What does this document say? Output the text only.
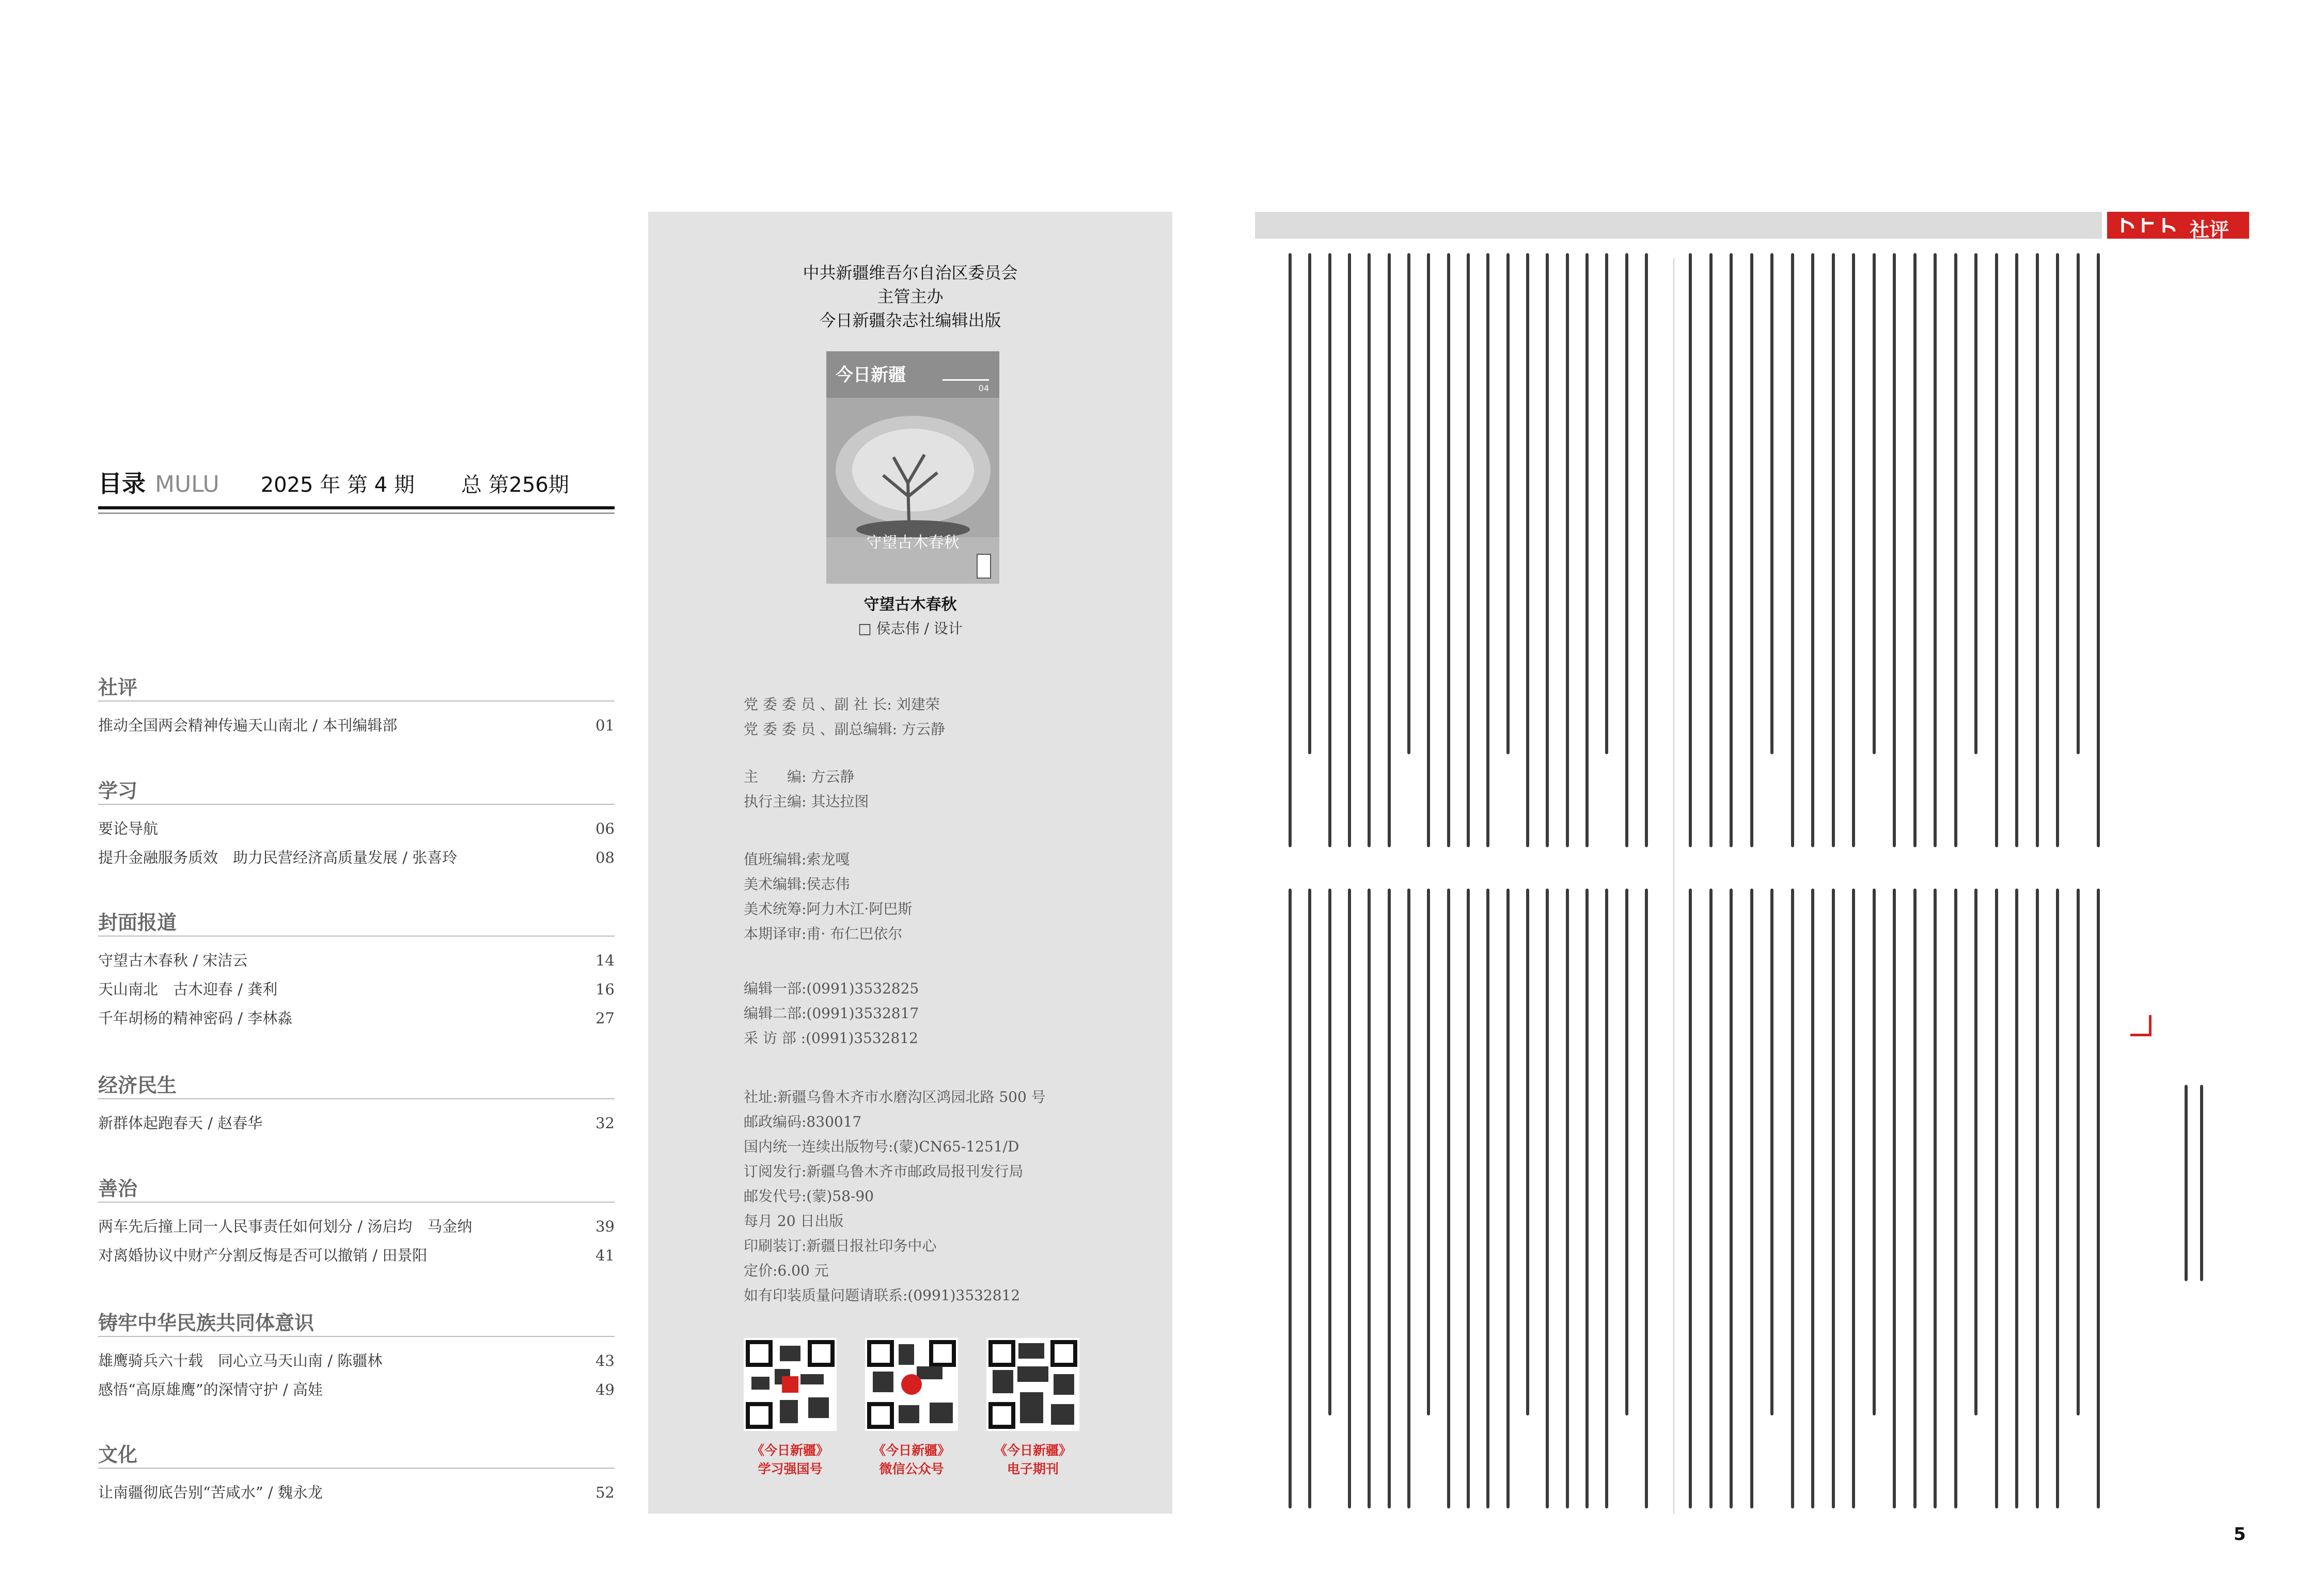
目录 MULU 2025 年 第 4 期 总 第256期
社评
推动全国两会精神传遍天山南北 / 本刊编辑部	01
学习
要论导航	06
提升金融服务质效　助力民营经济高质量发展 / 张喜玲	08
封面报道
守望古木春秋 / 宋洁云	14
天山南北　古木迎春 / 龚利	16
千年胡杨的精神密码 / 李林淼	27
经济民生
新群体起跑春天 / 赵春华	32
善治
两车先后撞上同一人民事责任如何划分 / 汤启均　马金纳	39
对离婚协议中财产分割反悔是否可以撤销 / 田景阳	41
铸牢中华民族共同体意识
雄鹰骑兵六十载　同心立马天山南 / 陈疆林	43
感悟“高原雄鹰”的深情守护 / 高娃	49
文化
让南疆彻底告别“苦咸水” / 魏永龙	52
中共新疆维吾尔自治区委员会
主管主办
今日新疆杂志社编辑出版
今日新疆
04
守望古木春秋
守望古木春秋
□ 侯志伟 / 设计
党 委 委 员 、副 社 长: 刘建荣
党 委 委 员 、副总编辑: 方云静
主　　编: 方云静
执行主编: 其达拉图
值班编辑:索龙嘎
美术编辑:侯志伟
美术统筹:阿力木江·阿巴斯
本期译审:甫· 布仁巴依尔
编辑一部:(0991)3532825
编辑二部:(0991)3532817
采 访 部 :(0991)3532812
社址:新疆乌鲁木齐市水磨沟区鸿园北路 500 号
邮政编码:830017
国内统一连续出版物号:(蒙)CN65-1251/D
订阅发行:新疆乌鲁木齐市邮政局报刊发行局
邮发代号:(蒙)58-90
每月 20 日出版
印刷装订:新疆日报社印务中心
定价:6.00 元
如有印装质量问题请联系:(0991)3532812
《今日新疆》
学习强国号
《今日新疆》
微信公众号
《今日新疆》
电子期刊
社评
5
